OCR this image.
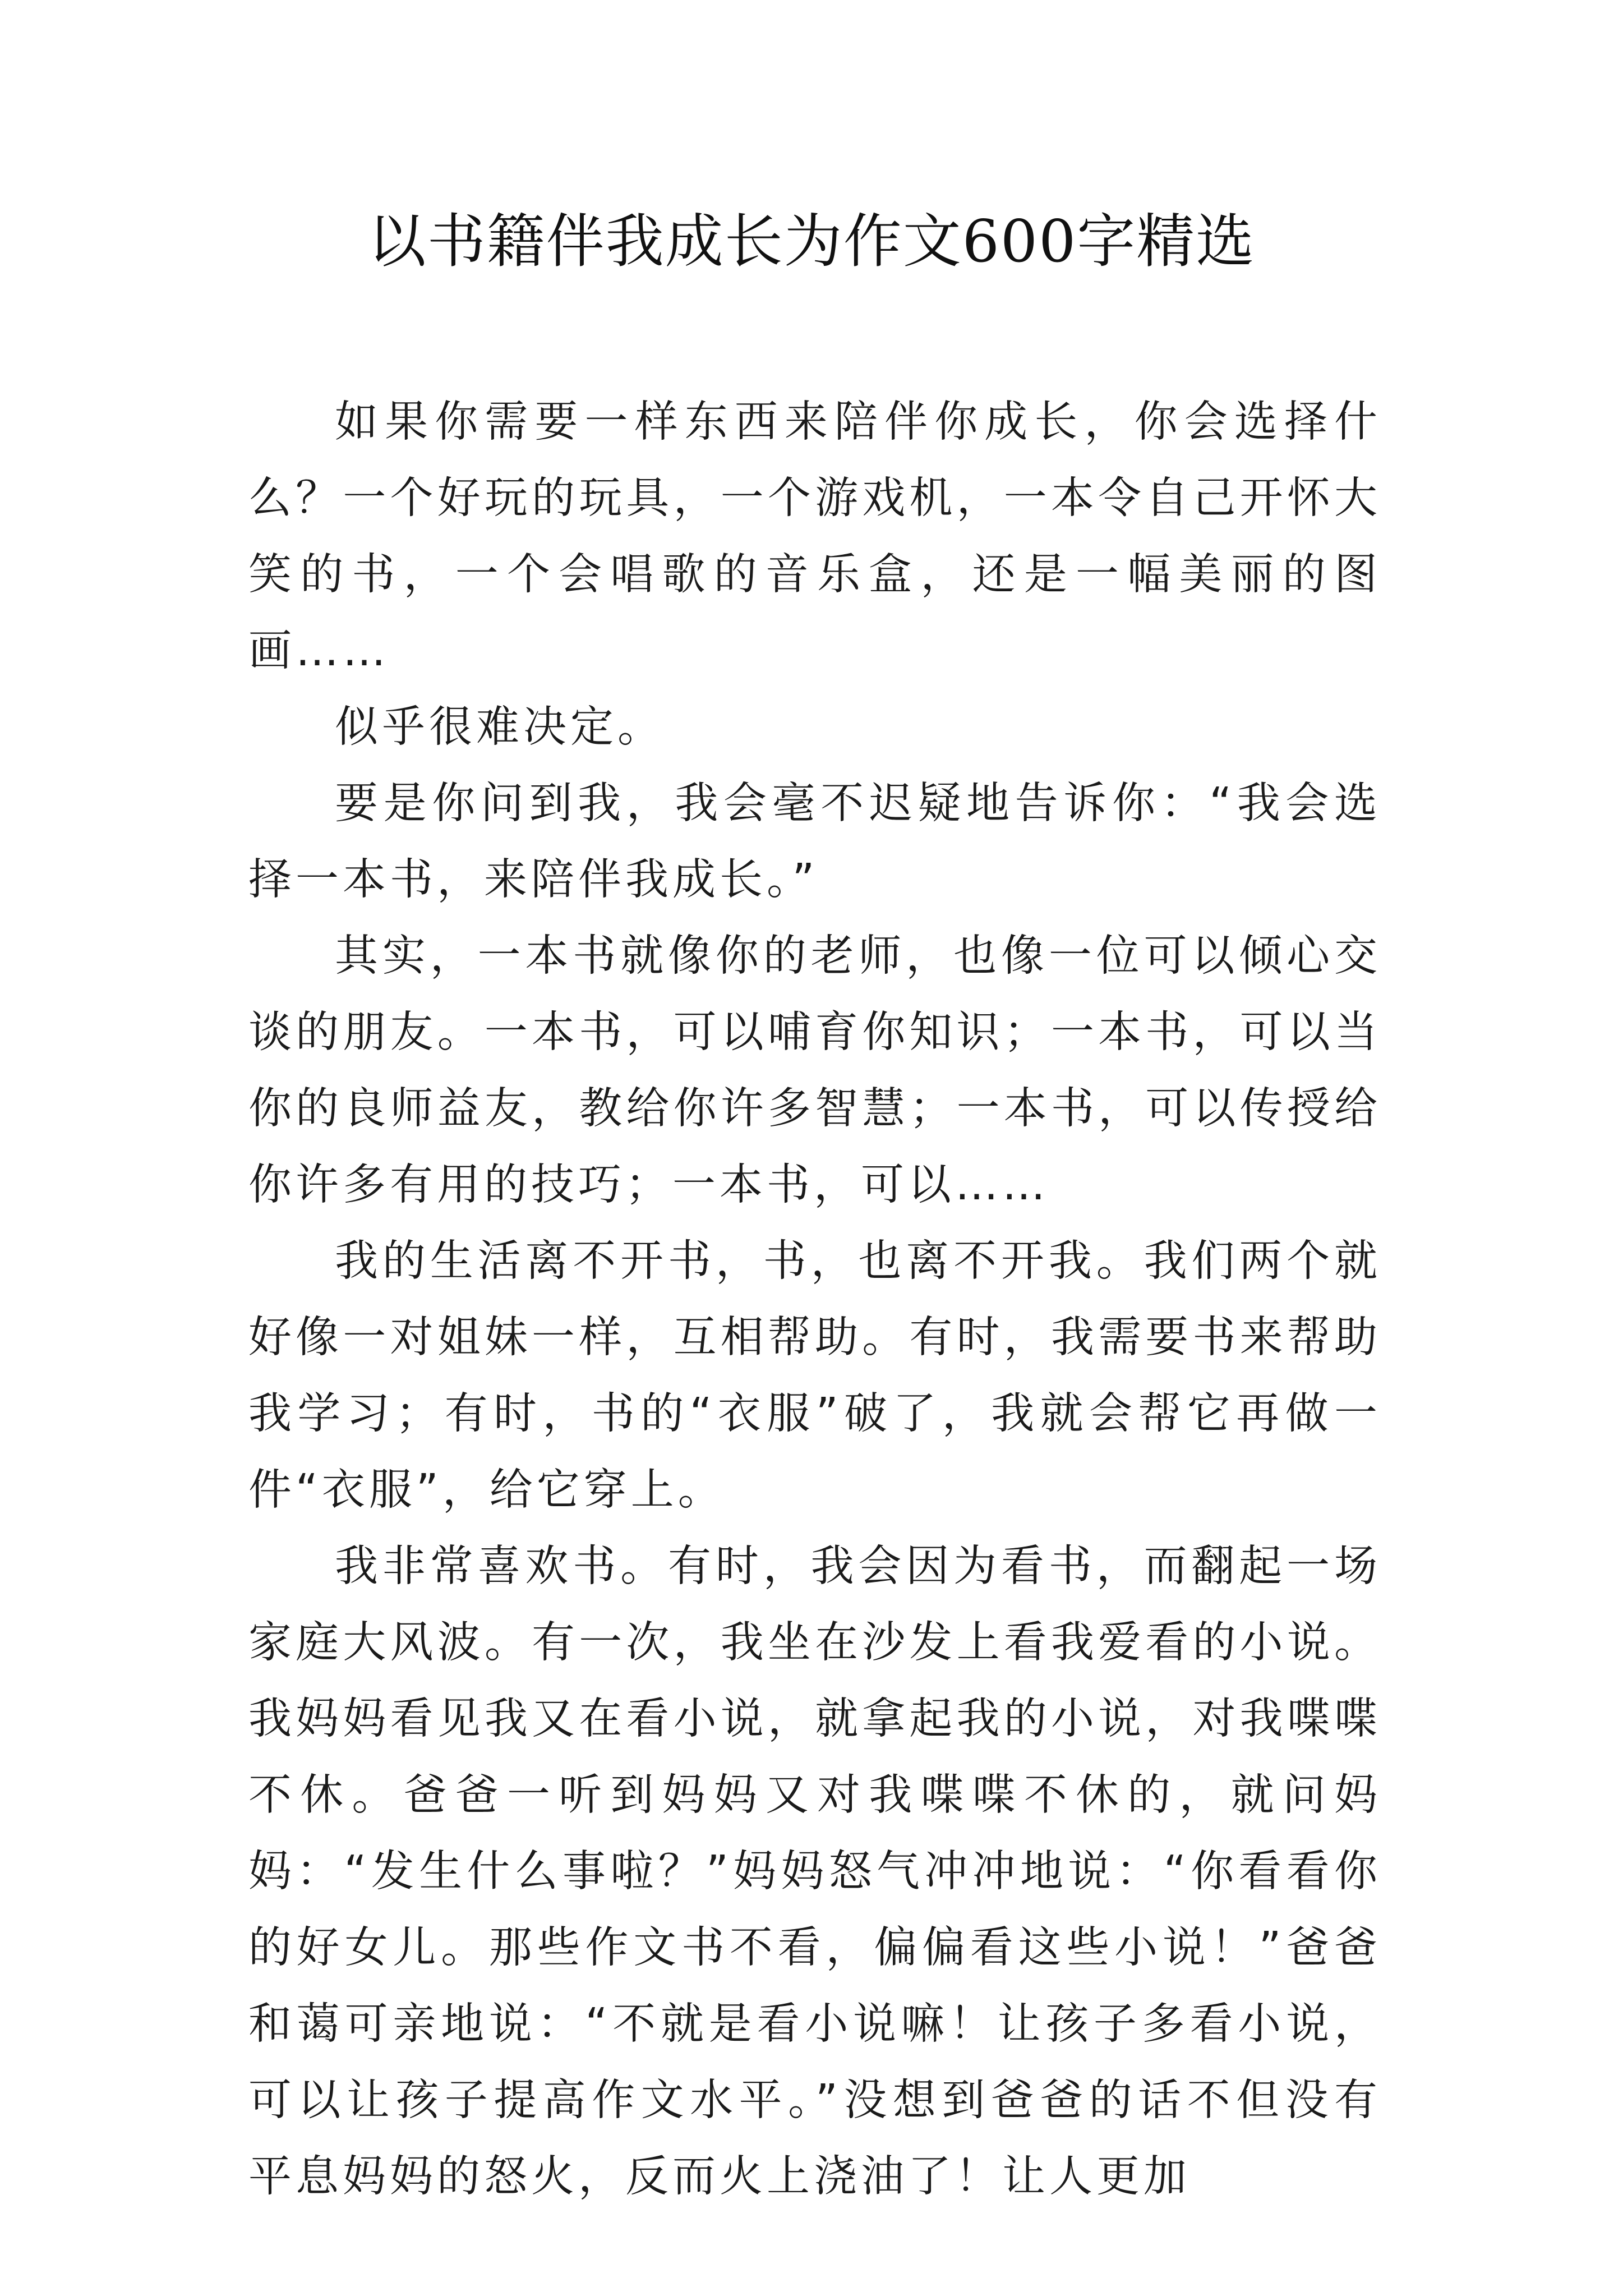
以书籍伴我成长为作文600字精选

如果你需要一样东西来陪伴你成长，你会选择什么？一个好玩的玩具，一个游戏机，一本令自己开怀大笑的书，一个会唱歌的音乐盒，还是一幅美丽的图画……

似乎很难决定。

要是你问到我，我会毫不迟疑地告诉你：“我会选择一本书，来陪伴我成长。”

其实，一本书就像你的老师，也像一位可以倾心交谈的朋友。一本书，可以哺育你知识；一本书，可以当你的良师益友，教给你许多智慧；一本书，可以传授给你许多有用的技巧；一本书，可以……

我的生活离不开书，书，也离不开我。我们两个就好像一对姐妹一样，互相帮助。有时，我需要书来帮助我学习；有时，书的“衣服”破了，我就会帮它再做一件“衣服”，给它穿上。

我非常喜欢书。有时，我会因为看书，而翻起一场家庭大风波。有一次，我坐在沙发上看我爱看的小说。我妈妈看见我又在看小说，就拿起我的小说，对我喋喋不休。爸爸一听到妈妈又对我喋喋不休的，就问妈妈：“发生什么事啦？”妈妈怒气冲冲地说：“你看看你的好女儿。那些作文书不看，偏偏看这些小说！”爸爸和蔼可亲地说：“不就是看小说嘛！让孩子多看小说，可以让孩子提高作文水平。”没想到爸爸的话不但没有平息妈妈的怒火，反而火上浇油了！让人更加
